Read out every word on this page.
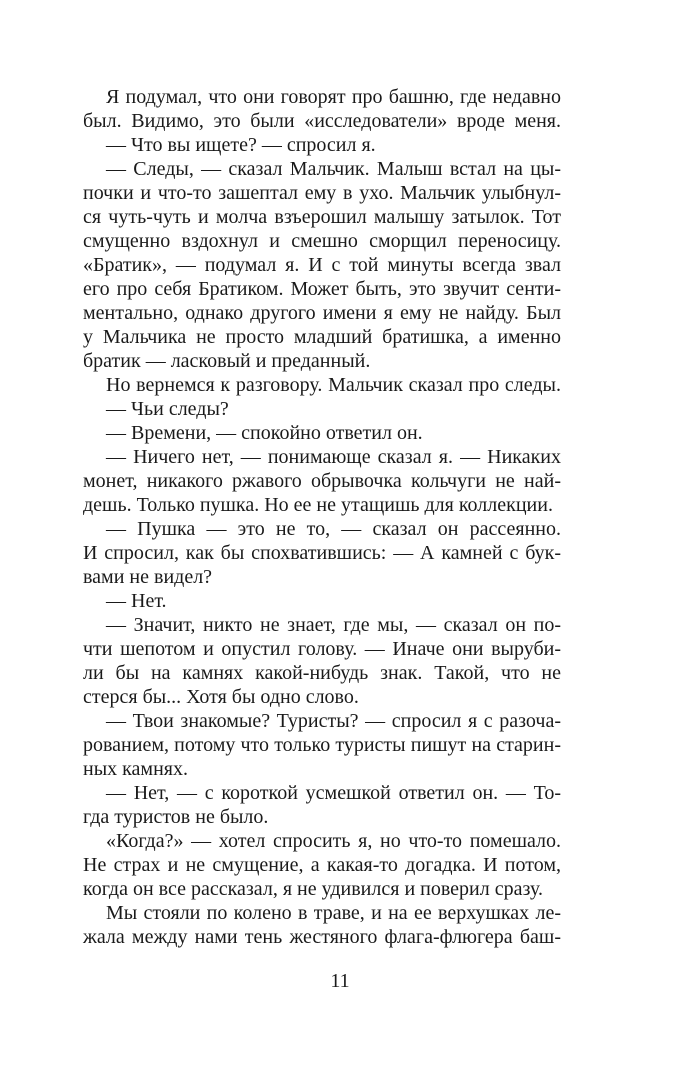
Я подумал, что они говорят про башню, где недавно
был. Видимо, это были «исследователи» вроде меня.
— Что вы ищете? — спросил я.
— Следы, — сказал Мальчик. Малыш встал на цы-
почки и что-то зашептал ему в ухо. Мальчик улыбнул-
ся чуть-чуть и молча взъерошил малышу затылок. Тот
смущенно вздохнул и смешно сморщил переносицу.
«Братик», — подумал я. И с той минуты всегда звал
его про себя Братиком. Может быть, это звучит сенти-
ментально, однако другого имени я ему не найду. Был
у Мальчика не просто младший братишка, а именно
братик — ласковый и преданный.
Но вернемся к разговору. Мальчик сказал про следы.
— Чьи следы?
— Времени, — спокойно ответил он.
— Ничего нет, — понимающе сказал я. — Никаких
монет, никакого ржавого обрывочка кольчуги не най-
дешь. Только пушка. Но ее не утащишь для коллекции.
— Пушка — это не то, — сказал он рассеянно.
И спросил, как бы спохватившись: — А камней с бук-
вами не видел?
— Нет.
— Значит, никто не знает, где мы, — сказал он по-
чти шепотом и опустил голову. — Иначе они выруби-
ли бы на камнях какой-нибудь знак. Такой, что не
стерся бы... Хотя бы одно слово.
— Твои знакомые? Туристы? — спросил я с разоча-
рованием, потому что только туристы пишут на старин-
ных камнях.
— Нет, — с короткой усмешкой ответил он. — То-
гда туристов не было.
«Когда?» — хотел спросить я, но что-то помешало.
Не страх и не смущение, а какая-то догадка. И потом,
когда он все рассказал, я не удивился и поверил сразу.
Мы стояли по колено в траве, и на ее верхушках ле-
жала между нами тень жестяного флага-флюгера баш-
11
